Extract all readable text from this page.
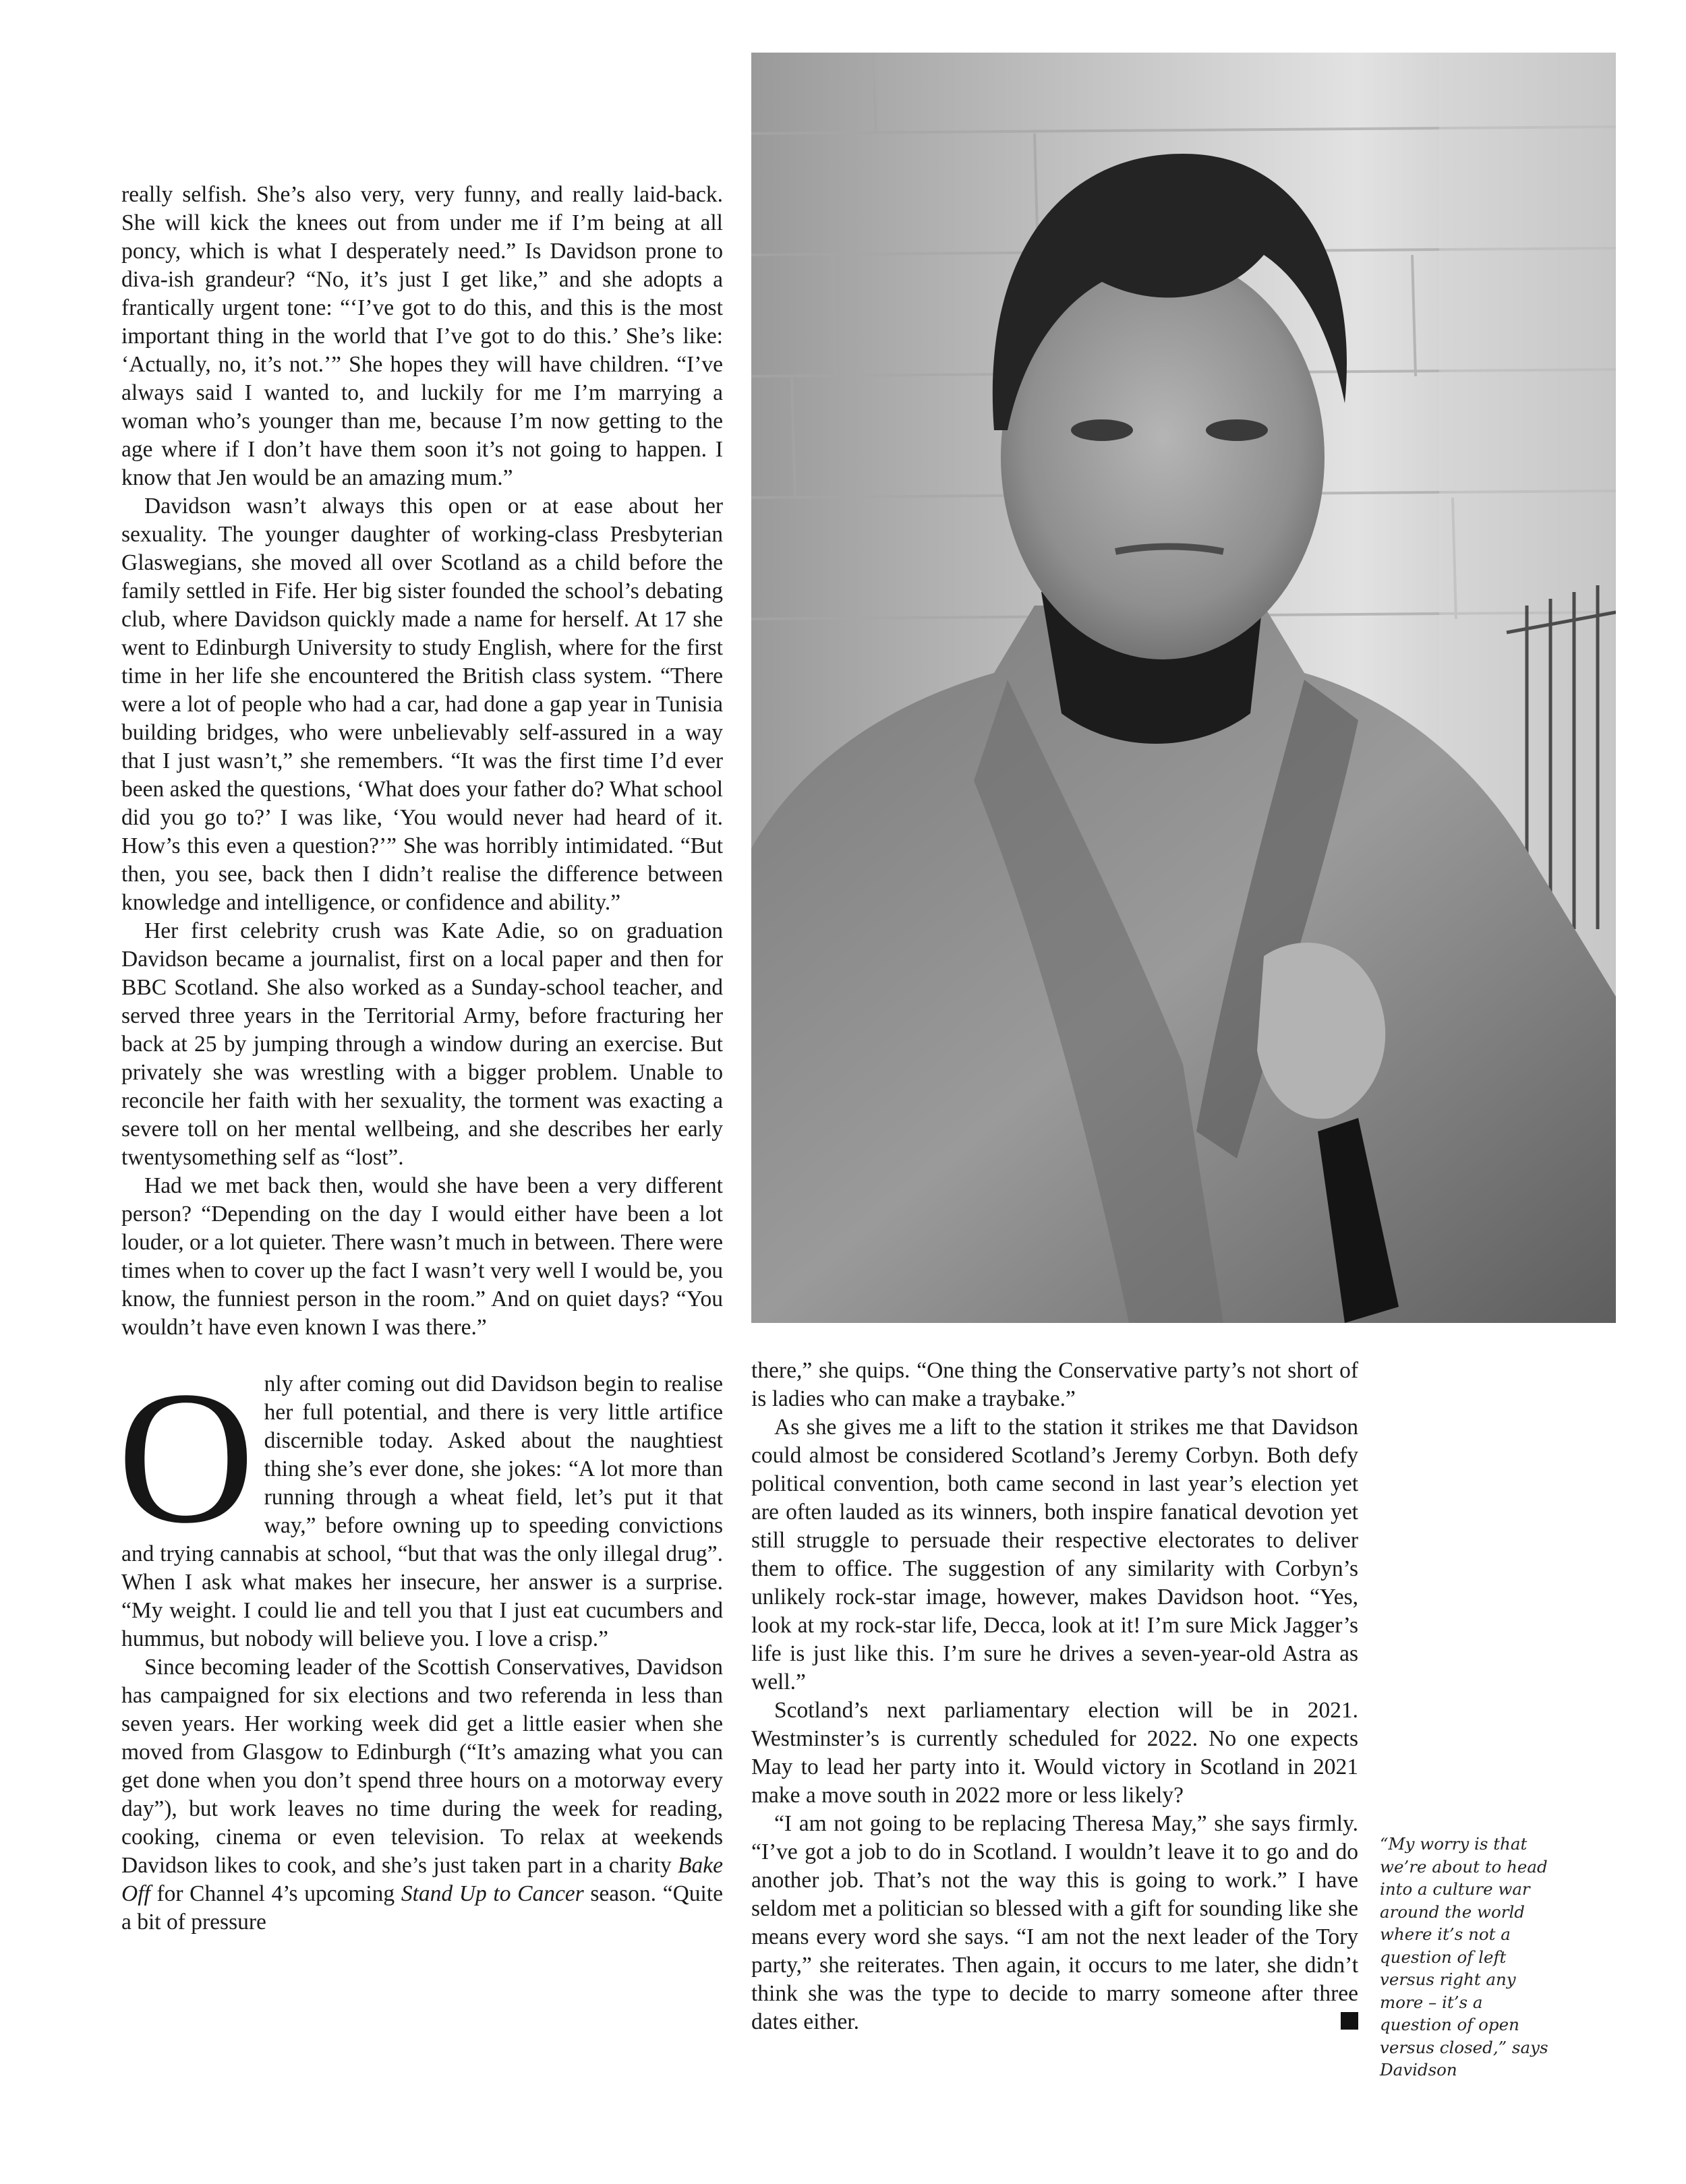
really selfish. She’s also very, very funny, and really laid-back. She will kick the knees out from under me if I’m being at all poncy, which is what I desperately need.” Is Davidson prone to diva-ish grandeur? “No, it’s just I get like,” and she adopts a frantically urgent tone: “‘I’ve got to do this, and this is the most important thing in the world that I’ve got to do this.’ She’s like: ‘Actually, no, it’s not.’” She hopes they will have children. “I’ve always said I wanted to, and luckily for me I’m marrying a woman who’s younger than me, because I’m now getting to the age where if I don’t have them soon it’s not going to happen. I know that Jen would be an amazing mum.”

Davidson wasn’t always this open or at ease about her sexuality. The younger daughter of working-class Presbyterian Glaswegians, she moved all over Scotland as a child before the family settled in Fife. Her big sister founded the school’s debating club, where Davidson quickly made a name for herself. At 17 she went to Edinburgh University to study English, where for the first time in her life she encountered the British class system. “There were a lot of people who had a car, had done a gap year in Tunisia building bridges, who were unbelievably self-assured in a way that I just wasn’t,” she remembers. “It was the first time I’d ever been asked the questions, ‘What does your father do? What school did you go to?’ I was like, ‘You would never had heard of it. How’s this even a question?’” She was horribly intimidated. “But then, you see, back then I didn’t realise the difference between knowledge and intelligence, or confidence and ability.”

Her first celebrity crush was Kate Adie, so on graduation Davidson became a journalist, first on a local paper and then for BBC Scotland. She also worked as a Sunday-school teacher, and served three years in the Territorial Army, before fracturing her back at 25 by jumping through a window during an exercise. But privately she was wrestling with a bigger problem. Unable to reconcile her faith with her sexuality, the torment was exacting a severe toll on her mental wellbeing, and she describes her early twentysomething self as “lost”.

Had we met back then, would she have been a very different person? “Depending on the day I would either have been a lot louder, or a lot quieter. There wasn’t much in between. There were times when to cover up the fact I wasn’t very well I would be, you know, the funniest person in the room.” And on quiet days? “You wouldn’t have even known I was there.”

Only after coming out did Davidson begin to realise her full potential, and there is very little artifice discernible today. Asked about the naughtiest thing she’s ever done, she jokes: “A lot more than running through a wheat field, let’s put it that way,” before owning up to speeding convictions and trying cannabis at school, “but that was the only illegal drug”. When I ask what makes her insecure, her answer is a surprise. “My weight. I could lie and tell you that I just eat cucumbers and hummus, but nobody will believe you. I love a crisp.”

Since becoming leader of the Scottish Conservatives, Davidson has campaigned for six elections and two referenda in less than seven years. Her working week did get a little easier when she moved from Glasgow to Edinburgh (“It’s amazing what you can get done when you don’t spend three hours on a motorway every day”), but work leaves no time during the week for reading, cooking, cinema or even television. To relax at weekends Davidson likes to cook, and she’s just taken part in a charity Bake Off for Channel 4’s upcoming Stand Up to Cancer season. “Quite a bit of pressure

there,” she quips. “One thing the Conservative party’s not short of is ladies who can make a traybake.”

As she gives me a lift to the station it strikes me that Davidson could almost be considered Scotland’s Jeremy Corbyn. Both defy political convention, both came second in last year’s election yet are often lauded as its winners, both inspire fanatical devotion yet still struggle to persuade their respective electorates to deliver them to office. The suggestion of any similarity with Corbyn’s unlikely rock-star image, however, makes Davidson hoot. “Yes, look at my rock-star life, Decca, look at it! I’m sure Mick Jagger’s life is just like this. I’m sure he drives a seven-year-old Astra as well.”

Scotland’s next parliamentary election will be in 2021. Westminster’s is currently scheduled for 2022. No one expects May to lead her party into it. Would victory in Scotland in 2021 make a move south in 2022 more or less likely?

“I am not going to be replacing Theresa May,” she says firmly. “I’ve got a job to do in Scotland. I wouldn’t leave it to go and do another job. That’s not the way this is going to work.” I have seldom met a politician so blessed with a gift for sounding like she means every word she says. “I am not the next leader of the Tory party,” she reiterates. Then again, it occurs to me later, she didn’t think she was the type to decide to marry someone after three dates either.

“My worry is that we’re about to head into a culture war around the world where it’s not a question of left versus right any more – it’s a question of open versus closed,” says Davidson
